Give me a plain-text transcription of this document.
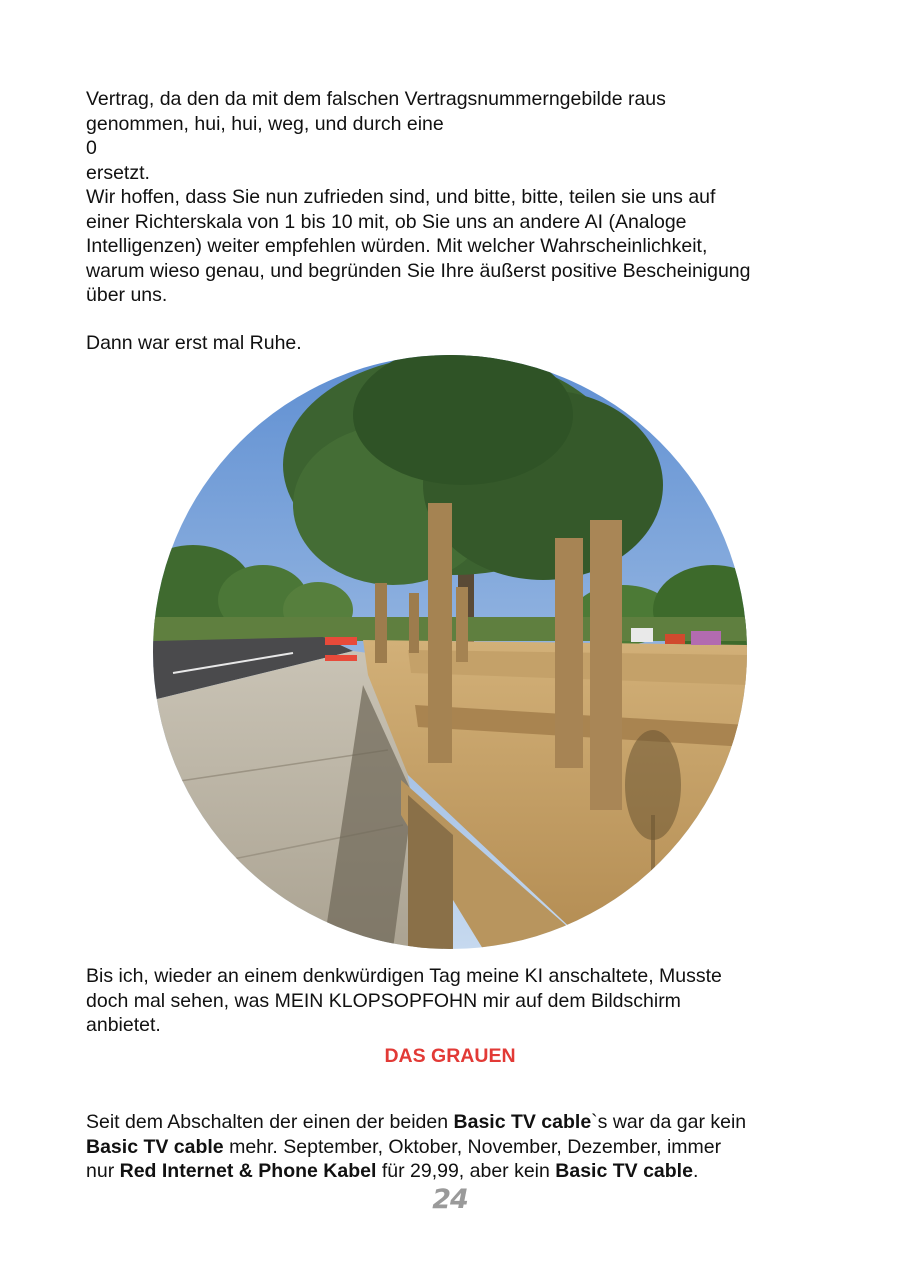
Vertrag, da den da mit dem falschen Vertragsnummerngebilde raus
genommen, hui, hui, weg, und durch eine
0
ersetzt.
Wir hoffen, dass Sie nun zufrieden sind, und bitte, bitte, teilen sie uns auf
einer Richterskala von 1 bis 10 mit, ob Sie uns an andere AI (Analoge
Intelligenzen) weiter empfehlen würden. Mit welcher Wahrscheinlichkeit,
warum wieso genau, und begründen Sie Ihre äußerst positive Bescheinigung
über uns.
Dann war erst mal Ruhe.
Bis ich, wieder an einem denkwürdigen Tag meine KI anschaltete, Musste
doch mal sehen, was MEIN KLOPSOPFOHN mir auf dem Bildschirm
anbietet.
DAS GRAUEN
Seit dem Abschalten der einen der beiden Basic TV cable`s war da gar kein
Basic TV cable mehr. September, Oktober, November, Dezember, immer
nur Red Internet & Phone Kabel für 29,99, aber kein Basic TV cable.
24
